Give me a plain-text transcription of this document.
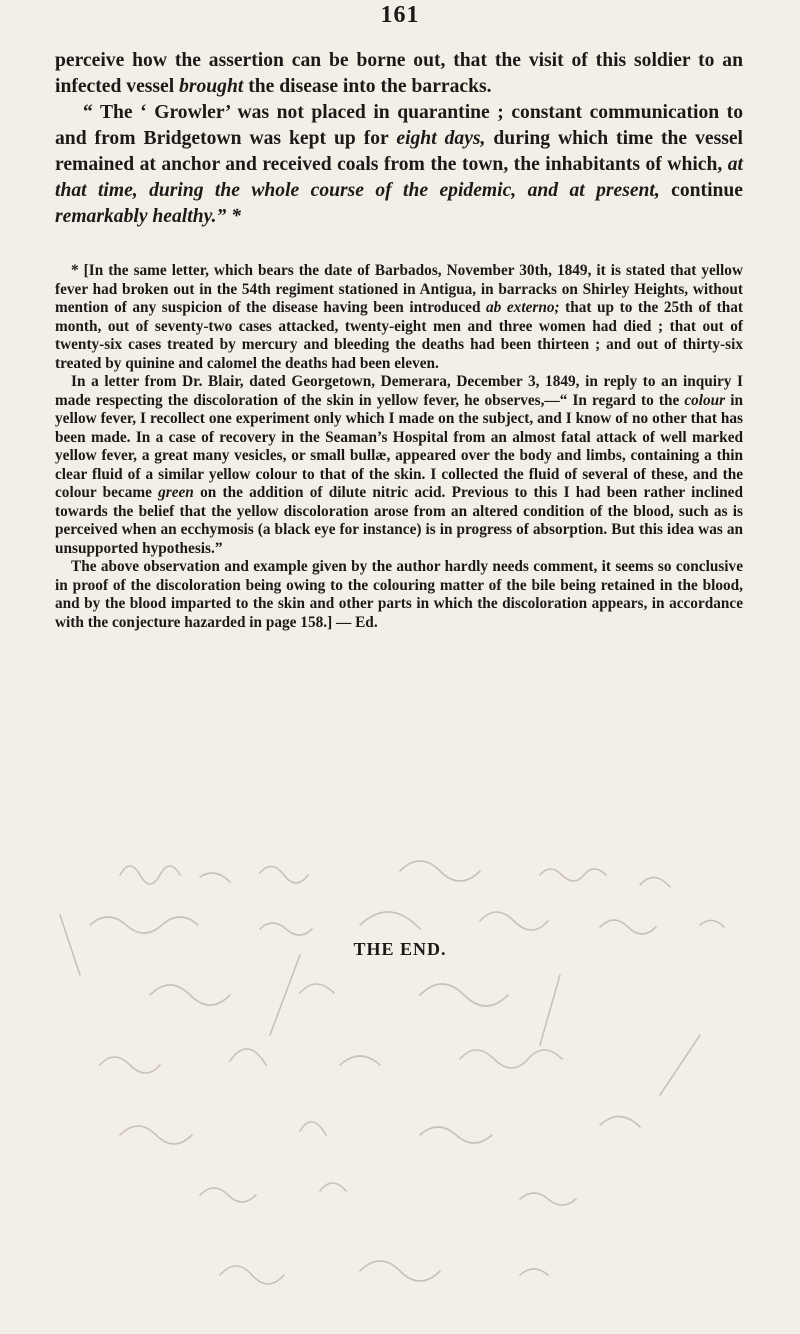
161

perceive how the assertion can be borne out, that the visit of this soldier to an infected vessel brought the disease into the barracks.

“ The ‘ Growler’ was not placed in quarantine ; constant communication to and from Bridgetown was kept up for eight days, during which time the vessel remained at anchor and received coals from the town, the inhabitants of which, at that time, during the whole course of the epidemic, and at present, continue remarkably healthy.” *

* [In the same letter, which bears the date of Barbados, November 30th, 1849, it is stated that yellow fever had broken out in the 54th regiment stationed in Antigua, in barracks on Shirley Heights, without mention of any suspicion of the disease having been introduced ab externo; that up to the 25th of that month, out of seventy-two cases attacked, twenty-eight men and three women had died ; that out of twenty-six cases treated by mercury and bleeding the deaths had been thirteen ; and out of thirty-six treated by quinine and calomel the deaths had been eleven.

In a letter from Dr. Blair, dated Georgetown, Demerara, December 3, 1849, in reply to an inquiry I made respecting the discoloration of the skin in yellow fever, he observes,—“ In regard to the colour in yellow fever, I recollect one experiment only which I made on the subject, and I know of no other that has been made. In a case of recovery in the Seaman’s Hospital from an almost fatal attack of well marked yellow fever, a great many vesicles, or small bullæ, appeared over the body and limbs, containing a thin clear fluid of a similar yellow colour to that of the skin. I collected the fluid of several of these, and the colour became green on the addition of dilute nitric acid. Previous to this I had been rather inclined towards the belief that the yellow discoloration arose from an altered condition of the blood, such as is perceived when an ecchymosis (a black eye for instance) is in progress of absorption. But this idea was an unsupported hypothesis.”

The above observation and example given by the author hardly needs comment, it seems so conclusive in proof of the discoloration being owing to the colouring matter of the bile being retained in the blood, and by the blood imparted to the skin and other parts in which the discoloration appears, in accordance with the conjecture hazarded in page 158.] — Ed.

THE END.
